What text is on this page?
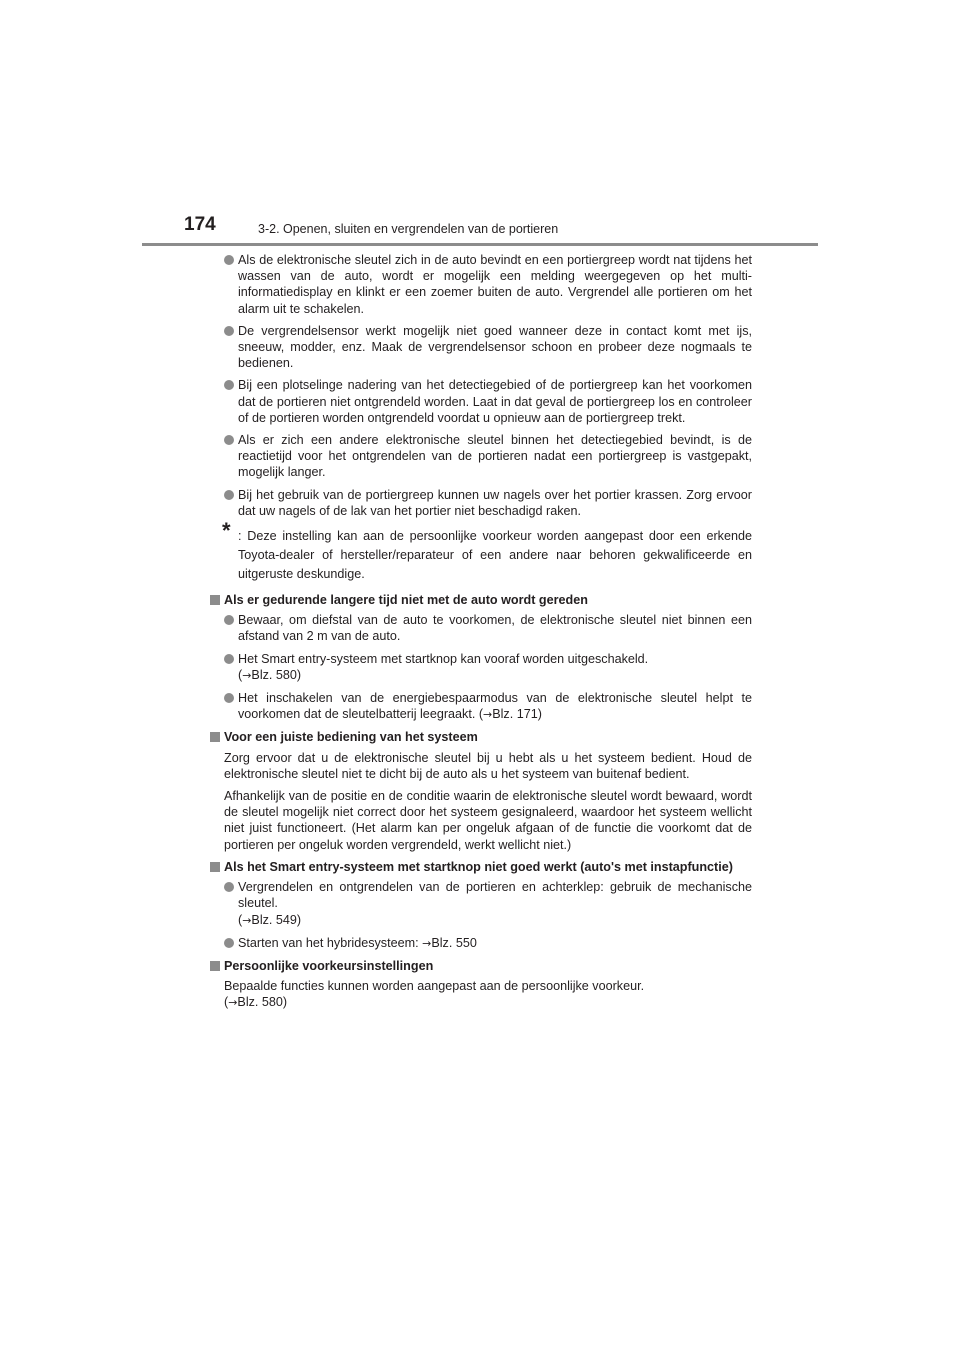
174	3-2. Openen, sluiten en vergrendelen van de portieren
Als de elektronische sleutel zich in de auto bevindt en een portiergreep wordt nat tijdens het wassen van de auto, wordt er mogelijk een melding weergegeven op het multi-informatiedisplay en klinkt er een zoemer buiten de auto. Vergrendel alle portieren om het alarm uit te schakelen.
De vergrendelsensor werkt mogelijk niet goed wanneer deze in contact komt met ijs, sneeuw, modder, enz. Maak de vergrendelsensor schoon en probeer deze nogmaals te bedienen.
Bij een plotselinge nadering van het detectiegebied of de portiergreep kan het voorkomen dat de portieren niet ontgrendeld worden. Laat in dat geval de portiergreep los en controleer of de portieren worden ontgrendeld voordat u opnieuw aan de portiergreep trekt.
Als er zich een andere elektronische sleutel binnen het detectiegebied bevindt, is de reactietijd voor het ontgrendelen van de portieren nadat een portiergreep is vastgepakt, mogelijk langer.
Bij het gebruik van de portiergreep kunnen uw nagels over het portier krassen. Zorg ervoor dat uw nagels of de lak van het portier niet beschadigd raken.
* : Deze instelling kan aan de persoonlijke voorkeur worden aangepast door een erkende Toyota-dealer of hersteller/reparateur of een andere naar behoren gekwalificeerde en uitgeruste deskundige.
Als er gedurende langere tijd niet met de auto wordt gereden
Bewaar, om diefstal van de auto te voorkomen, de elektronische sleutel niet binnen een afstand van 2 m van de auto.
Het Smart entry-systeem met startknop kan vooraf worden uitgeschakeld.
(→Blz. 580)
Het inschakelen van de energiebespaarmodus van de elektronische sleutel helpt te voorkomen dat de sleutelbatterij leegraakt. (→Blz. 171)
Voor een juiste bediening van het systeem
Zorg ervoor dat u de elektronische sleutel bij u hebt als u het systeem bedient. Houd de elektronische sleutel niet te dicht bij de auto als u het systeem van buitenaf bedient.
Afhankelijk van de positie en de conditie waarin de elektronische sleutel wordt bewaard, wordt de sleutel mogelijk niet correct door het systeem gesignaleerd, waardoor het systeem wellicht niet juist functioneert. (Het alarm kan per ongeluk afgaan of de functie die voorkomt dat de portieren per ongeluk worden vergrendeld, werkt wellicht niet.)
Als het Smart entry-systeem met startknop niet goed werkt (auto's met instapfunctie)
Vergrendelen en ontgrendelen van de portieren en achterklep: gebruik de mechanische sleutel.
(→Blz. 549)
Starten van het hybridesysteem: →Blz. 550
Persoonlijke voorkeursinstellingen
Bepaalde functies kunnen worden aangepast aan de persoonlijke voorkeur.
(→Blz. 580)
